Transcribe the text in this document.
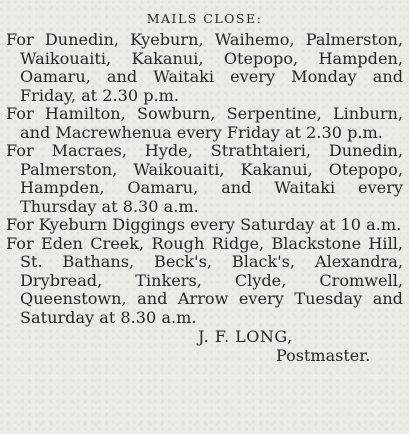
MAILS CLOSE:

For Dunedin, Kyeburn, Waihemo, Palmerston, Waikouaiti, Kakanui, Otepopo, Hampden, Oamaru, and Waitaki every Monday and Friday, at 2.30 p.m.

For Hamilton, Sowburn, Serpentine, Linburn, and Macrewhenua every Friday at 2.30 p.m.

For Macraes, Hyde, Strathtaieri, Dunedin, Palmerston, Waikouaiti, Kakanui, Otepopo, Hampden, Oamaru, and Waitaki every Thursday at 8.30 a.m.

For Kyeburn Diggings every Saturday at 10 a.m.

For Eden Creek, Rough Ridge, Blackstone Hill, St. Bathans, Beck's, Black's, Alexandra, Drybread, Tinkers, Clyde, Cromwell, Queenstown, and Arrow every Tuesday and Saturday at 8.30 a.m.

J. F. LONG,

Postmaster.
